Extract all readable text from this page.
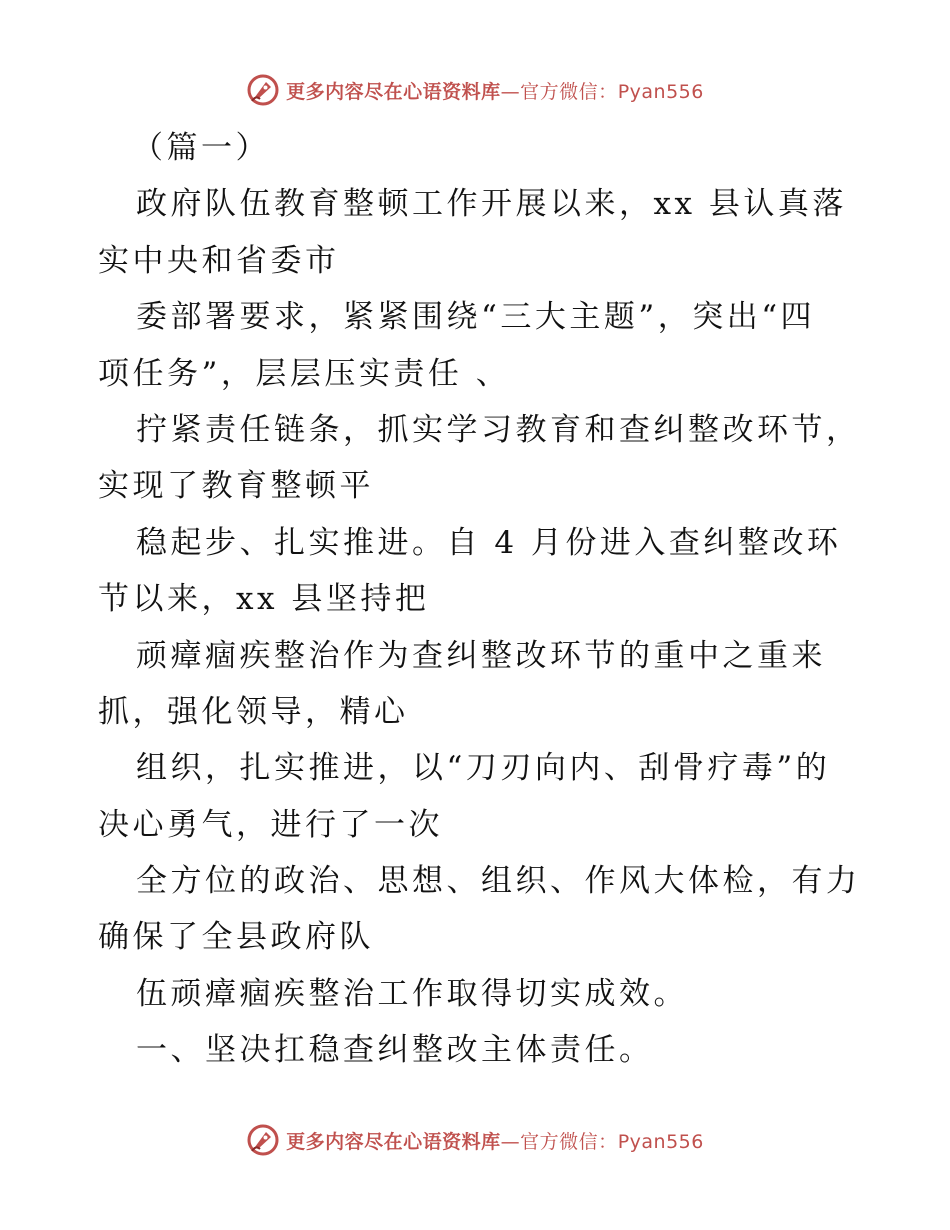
更多内容尽在心语资料库—官方微信：Pyan556
（篇一）
政府队伍教育整顿工作开展以来，xx 县认真落
实中央和省委市
委部署要求，紧紧围绕“三大主题”，突出“四
项任务”，层层压实责任 、
拧紧责任链条，抓实学习教育和查纠整改环节，
实现了教育整顿平
稳起步、扎实推进。自 4 月份进入查纠整改环
节以来，xx 县坚持把
顽瘴痼疾整治作为查纠整改环节的重中之重来
抓，强化领导，精心
组织，扎实推进，以“刀刃向内、刮骨疗毒”的
决心勇气，进行了一次
全方位的政治、思想、组织、作风大体检，有力
确保了全县政府队
伍顽瘴痼疾整治工作取得切实成效。
一、坚决扛稳查纠整改主体责任。
更多内容尽在心语资料库—官方微信：Pyan556
